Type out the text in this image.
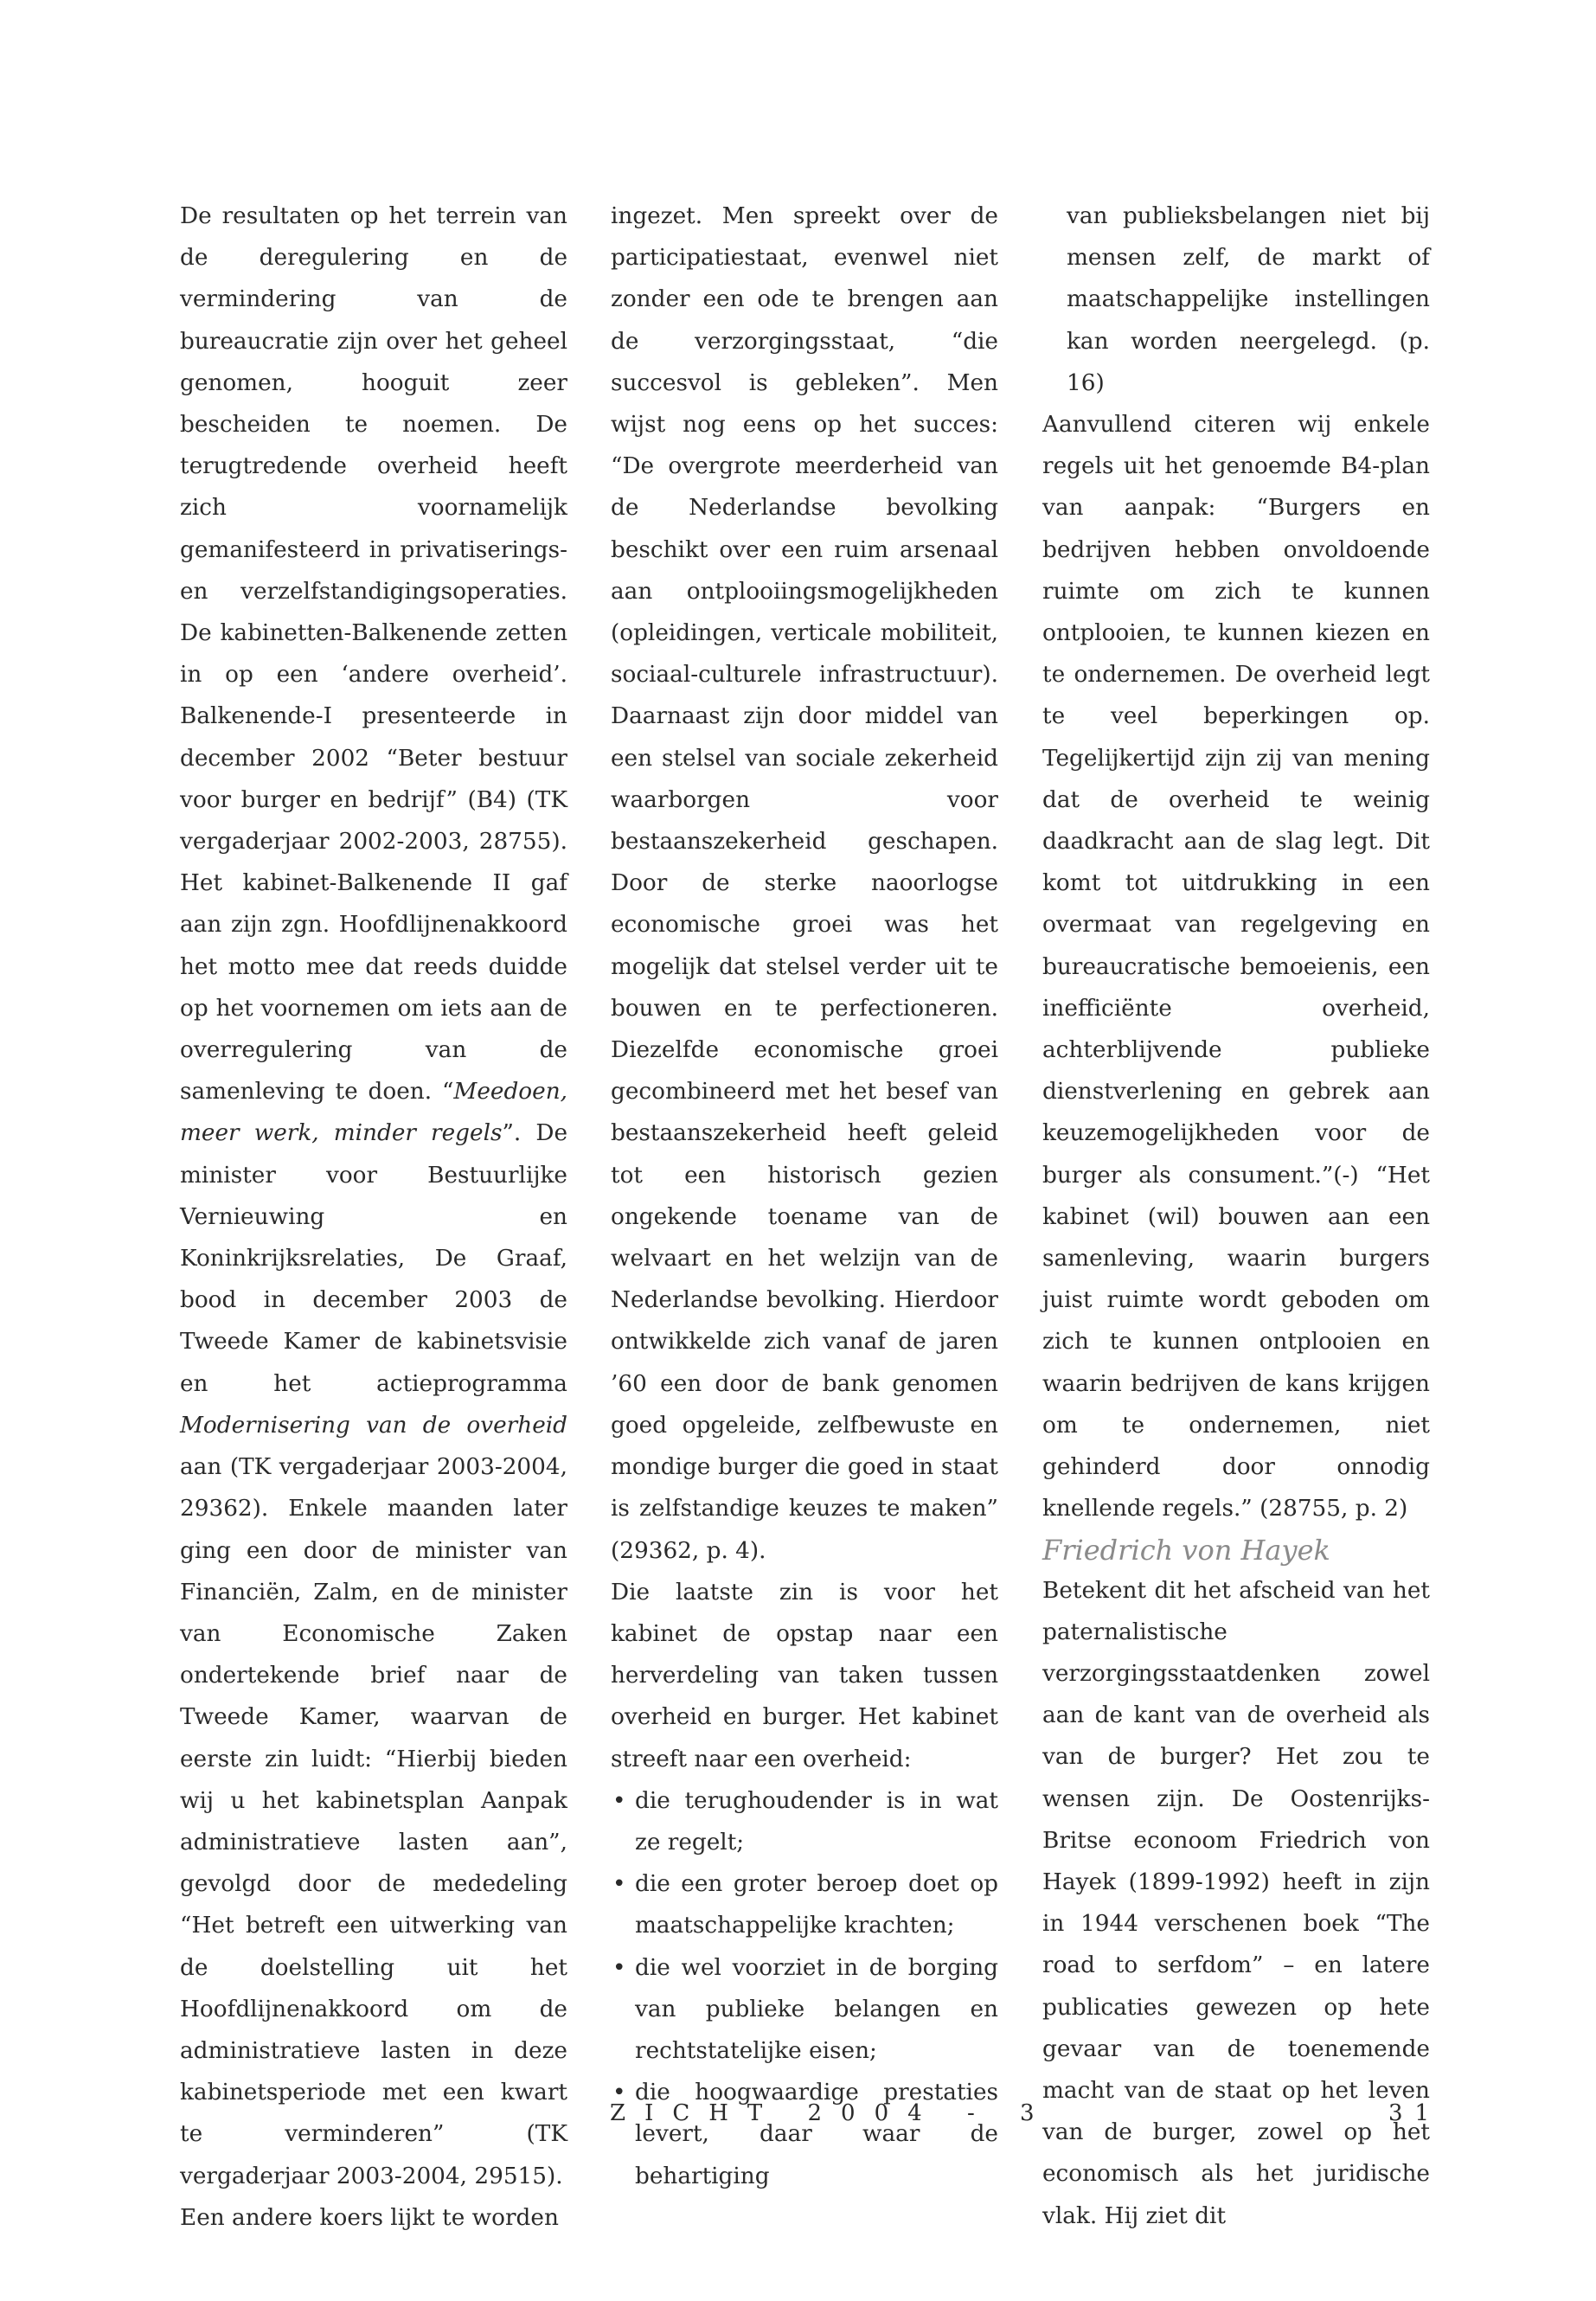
De resultaten op het terrein van de deregulering en de vermindering van de bureaucratie zijn over het geheel genomen, hooguit zeer bescheiden te noemen. De terugtredende overheid heeft zich voornamelijk gemanifesteerd in privatiserings- en verzelfstandigingsoperaties. De kabinetten-Balkenende zetten in op een ‘andere overheid’. Balkenende-I presenteerde in december 2002 “Beter bestuur voor burger en bedrijf” (B4) (TK vergaderjaar 2002-2003, 28755). Het kabinet-Balkenende II gaf aan zijn zgn. Hoofdlijnenakkoord het motto mee dat reeds duidde op het voornemen om iets aan de overregulering van de samenleving te doen. “Meedoen, meer werk, minder regels”. De minister voor Bestuurlijke Vernieuwing en Koninkrijksrelaties, De Graaf, bood in december 2003 de Tweede Kamer de kabinetsvisie en het actieprogramma Modernisering van de overheid aan (TK vergaderjaar 2003-2004, 29362). Enkele maanden later ging een door de minister van Financiën, Zalm, en de minister van Economische Zaken ondertekende brief naar de Tweede Kamer, waarvan de eerste zin luidt: “Hierbij bieden wij u het kabinetsplan Aanpak administratieve lasten aan”, gevolgd door de mededeling “Het betreft een uitwerking van de doelstelling uit het Hoofdlijnenakkoord om de administratieve lasten in deze kabinetsperiode met een kwart te verminderen” (TK vergaderjaar 2003-2004, 29515).

Een andere koers lijkt te worden

ingezet. Men spreekt over de participatiestaat, evenwel niet zonder een ode te brengen aan de verzorgingsstaat, “die succesvol is gebleken”. Men wijst nog eens op het succes: “De overgrote meerderheid van de Nederlandse bevolking beschikt over een ruim arsenaal aan ontplooiingsmogelijkheden (opleidingen, verticale mobiliteit, sociaal-culturele infrastructuur). Daarnaast zijn door middel van een stelsel van sociale zekerheid waarborgen voor bestaanszekerheid geschapen. Door de sterke naoorlogse economische groei was het mogelijk dat stelsel verder uit te bouwen en te perfectioneren. Diezelfde economische groei gecombineerd met het besef van bestaanszekerheid heeft geleid tot een historisch gezien ongekende toename van de welvaart en het welzijn van de Nederlandse bevolking. Hierdoor ontwikkelde zich vanaf de jaren ’60 een door de bank genomen goed opgeleide, zelfbewuste en mondige burger die goed in staat is zelfstandige keuzes te maken” (29362, p. 4).

Die laatste zin is voor het kabinet de opstap naar een herverdeling van taken tussen overheid en burger. Het kabinet streeft naar een overheid:

• die terughoudender is in wat ze regelt;
• die een groter beroep doet op maatschappelijke krachten;
• die wel voorziet in de borging van publieke belangen en rechtstatelijke eisen;
• die hoogwaardige prestaties levert, daar waar de behartiging

van publieksbelangen niet bij mensen zelf, de markt of maatschappelijke instellingen kan worden neergelegd. (p. 16)

Aanvullend citeren wij enkele regels uit het genoemde B4-plan van aanpak: “Burgers en bedrijven hebben onvoldoende ruimte om zich te kunnen ontplooien, te kunnen kiezen en te ondernemen. De overheid legt te veel beperkingen op. Tegelijkertijd zijn zij van mening dat de overheid te weinig daadkracht aan de slag legt. Dit komt tot uitdrukking in een overmaat van regelgeving en bureaucratische bemoeienis, een inefficiënte overheid, achterblijvende publieke dienstverlening en gebrek aan keuzemogelijkheden voor de burger als consument.”(-) “Het kabinet (wil) bouwen aan een samenleving, waarin burgers juist ruimte wordt geboden om zich te kunnen ontplooien en waarin bedrijven de kans krijgen om te ondernemen, niet gehinderd door onnodig knellende regels.” (28755, p. 2)

Friedrich von Hayek

Betekent dit het afscheid van het paternalistische verzorgingsstaatdenken zowel aan de kant van de overheid als van de burger? Het zou te wensen zijn. De Oostenrijks-Britse econoom Friedrich von Hayek (1899-1992) heeft in zijn in 1944 verschenen boek “The road to serfdom” – en latere publicaties gewezen op hete gevaar van de toenemende macht van de staat op het leven van de burger, zowel op het economisch als het juridische vlak. Hij ziet dit

ZICHT 2004 - 3	31
